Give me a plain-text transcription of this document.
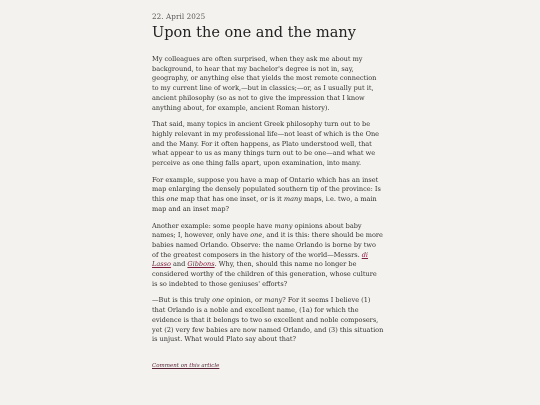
22. April 2025

Upon the one and the many

My colleagues are often surprised, when they ask me about my background, to hear that my bachelor's degree is not in, say, geography, or anything else that yields the most remote connection to my current line of work,—but in classics;—or, as I usually put it, ancient philosophy (so as not to give the impression that I know anything about, for example, ancient Roman history).

That said, many topics in ancient Greek philosophy turn out to be highly relevant in my professional life—not least of which is the One and the Many. For it often happens, as Plato understood well, that what appear to us as many things turn out to be one—and what we perceive as one thing falls apart, upon examination, into many.

For example, suppose you have a map of Ontario which has an inset map enlarging the densely populated southern tip of the province: Is this one map that has one inset, or is it many maps, i.e. two, a main map and an inset map?

Another example: some people have many opinions about baby names; I, however, only have one, and it is this: there should be more babies named Orlando. Observe: the name Orlando is borne by two of the greatest composers in the history of the world—Messrs. di Lasso and Gibbons. Why, then, should this name no longer be considered worthy of the children of this generation, whose culture is so indebted to those geniuses' efforts?

—But is this truly one opinion, or many? For it seems I believe (1) that Orlando is a noble and excellent name, (1a) for which the evidence is that it belongs to two so excellent and noble composers, yet (2) very few babies are now named Orlando, and (3) this situation is unjust. What would Plato say about that?

Comment on this article
